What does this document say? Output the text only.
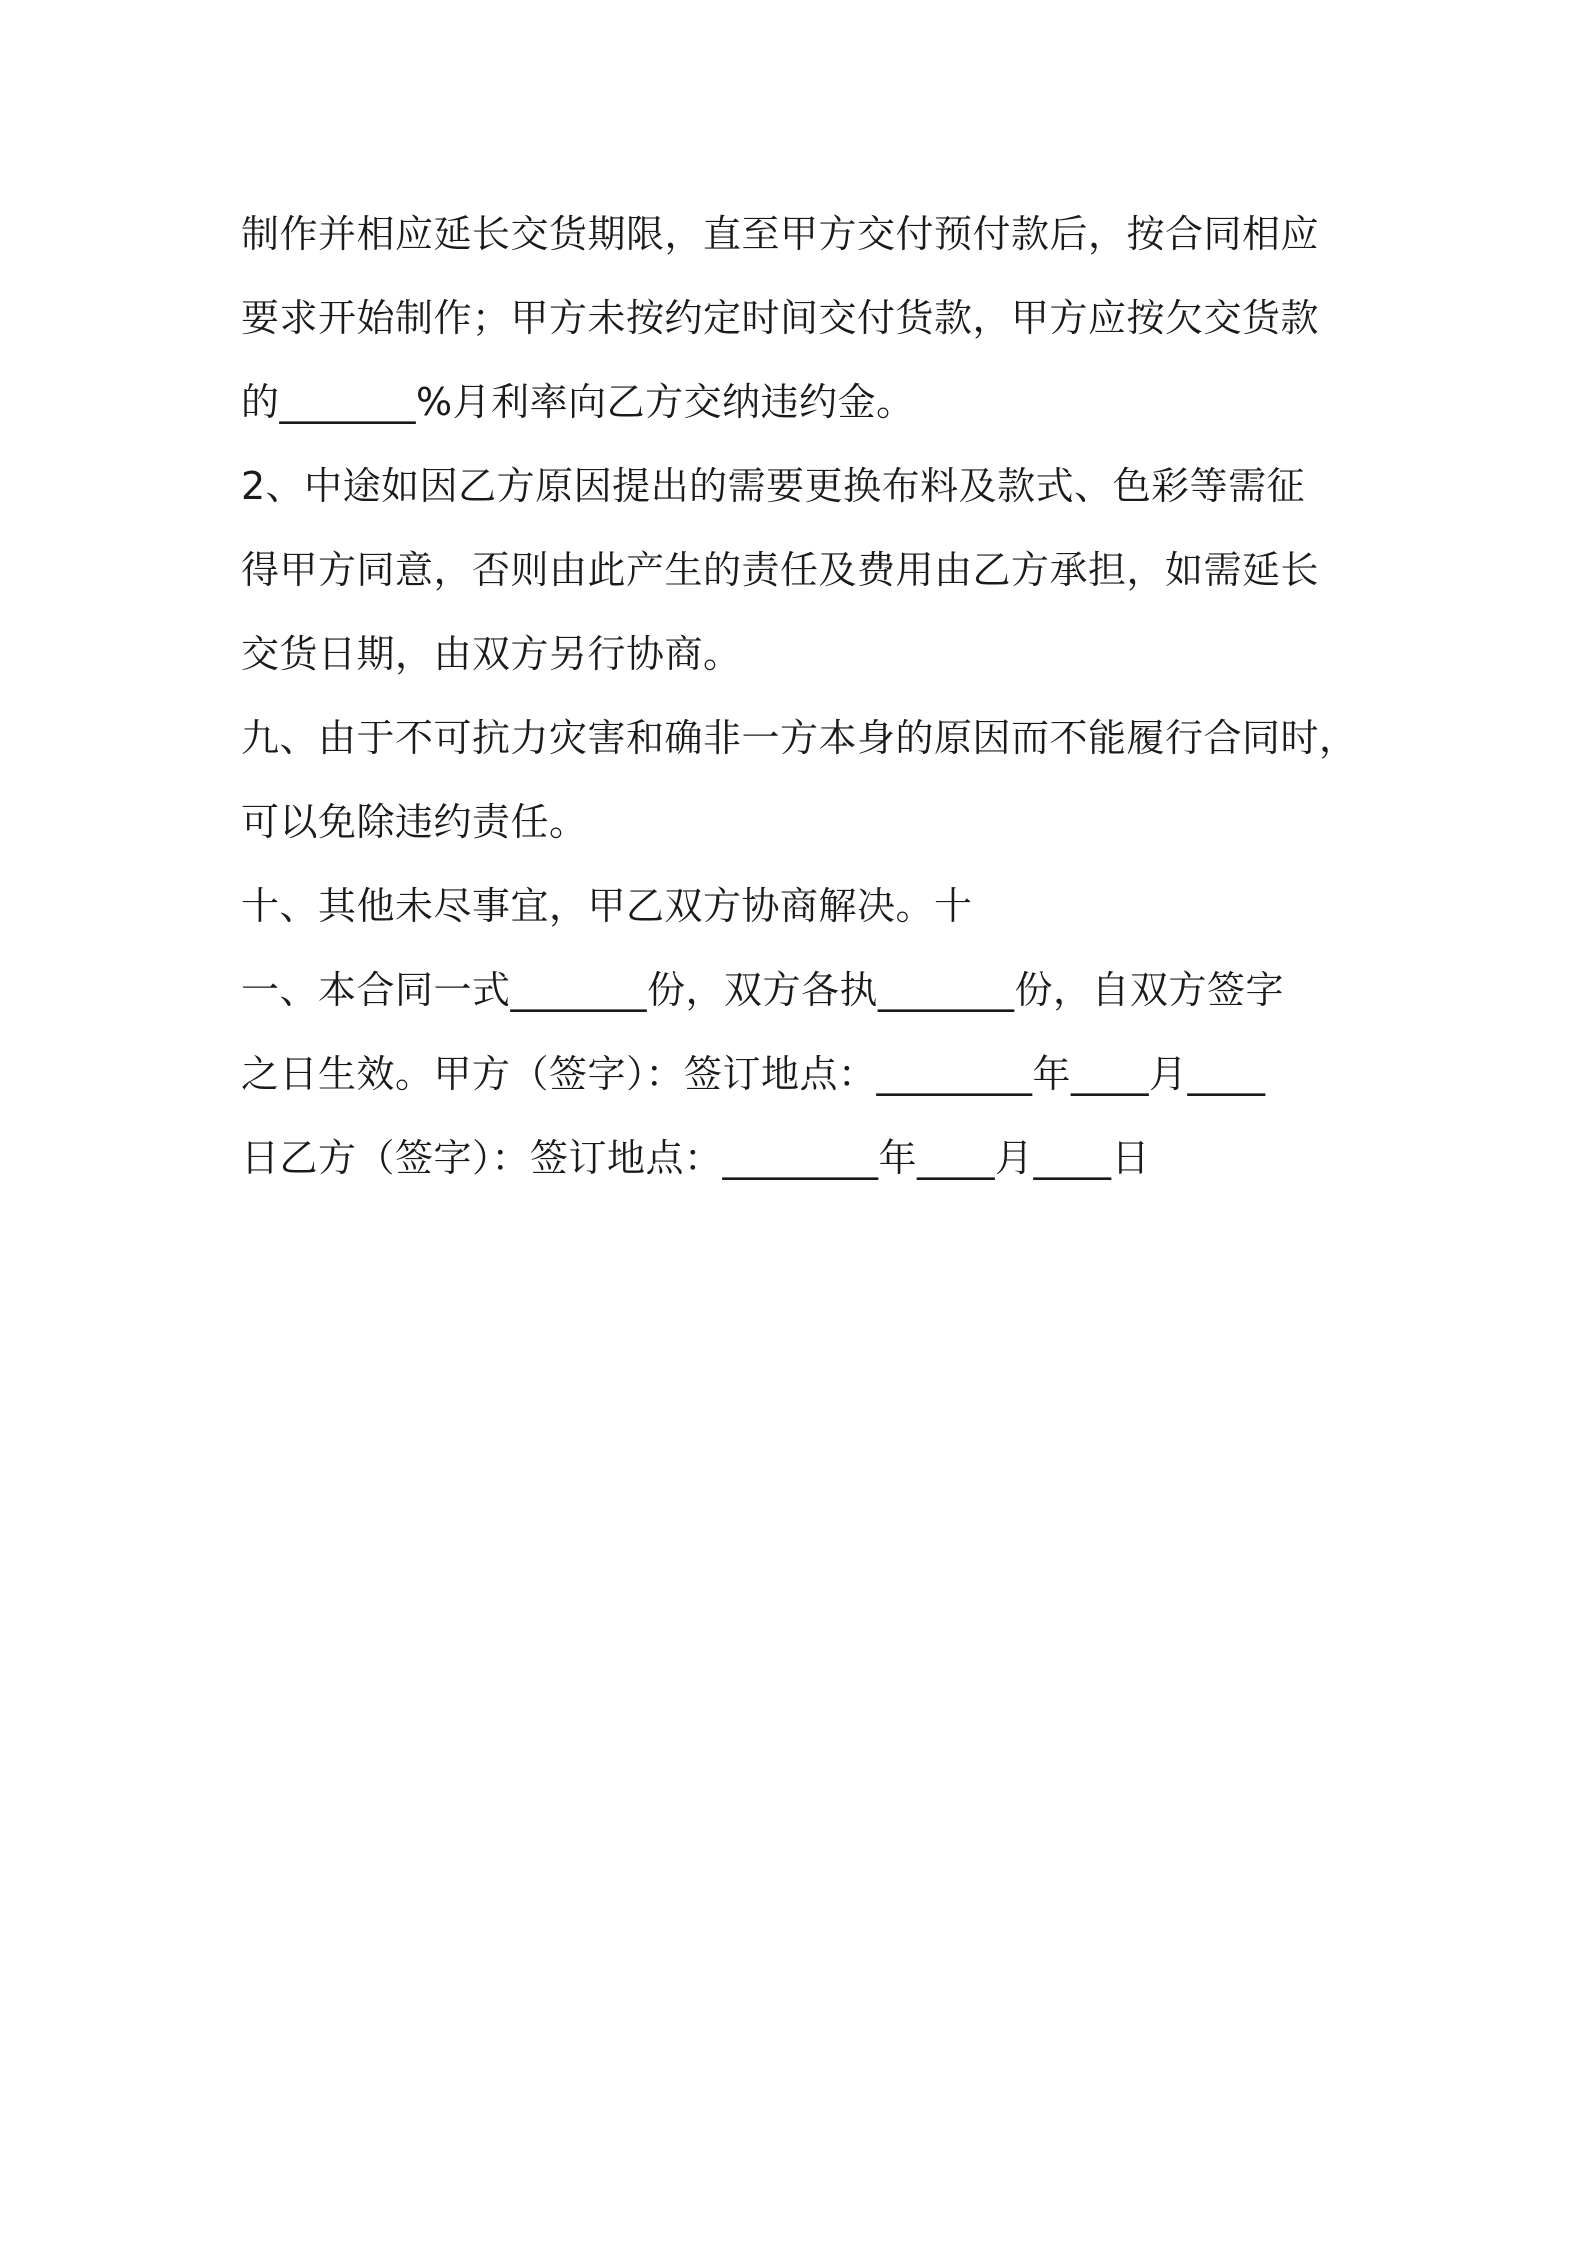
制作并相应延长交货期限，直至甲方交付预付款后，按合同相应
要求开始制作；甲方未按约定时间交付货款，甲方应按欠交货款
的_______%月利率向乙方交纳违约金。
2、中途如因乙方原因提出的需要更换布料及款式、色彩等需征
得甲方同意，否则由此产生的责任及费用由乙方承担，如需延长
交货日期，由双方另行协商。
九、由于不可抗力灾害和确非一方本身的原因而不能履行合同时，
可以免除违约责任。
十、其他未尽事宜，甲乙双方协商解决。十
一、本合同一式_______份，双方各执_______份，自双方签字
之日生效。甲方（签字）：签订地点：________年____月____
日乙方（签字）：签订地点：________年____月____日
